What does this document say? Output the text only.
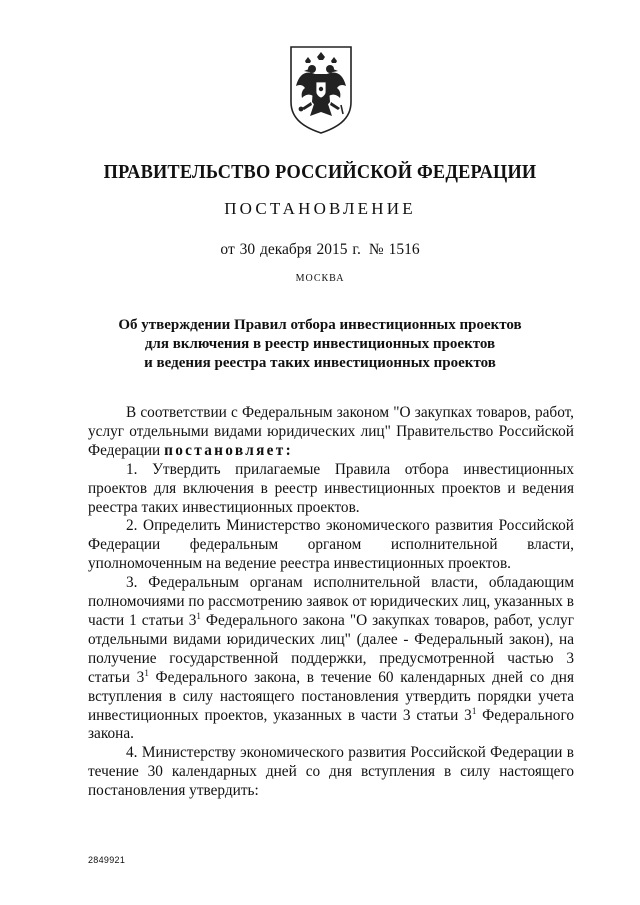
ПРАВИТЕЛЬСТВО РОССИЙСКОЙ ФЕДЕРАЦИИ
ПОСТАНОВЛЕНИЕ
от 30 декабря 2015 г. № 1516
МОСКВА
Об утверждении Правил отбора инвестиционных проектов
для включения в реестр инвестиционных проектов
и ведения реестра таких инвестиционных проектов

В соответствии с Федеральным законом "О закупках товаров, работ, услуг отдельными видами юридических лиц" Правительство Российской Федерации постановляет:

1. Утвердить прилагаемые Правила отбора инвестиционных проектов для включения в реестр инвестиционных проектов и ведения реестра таких инвестиционных проектов.

2. Определить Министерство экономического развития Российской Федерации федеральным органом исполнительной власти, уполномоченным на ведение реестра инвестиционных проектов.

3. Федеральным органам исполнительной власти, обладающим полномочиями по рассмотрению заявок от юридических лиц, указанных в части 1 статьи $3^1$ Федерального закона "О закупках товаров, работ, услуг отдельными видами юридических лиц" (далее - Федеральный закон), на получение государственной поддержки, предусмотренной частью 3 статьи $3^1$ Федерального закона, в течение 60 календарных дней со дня вступления в силу настоящего постановления утвердить порядки учета инвестиционных проектов, указанных в части 3 статьи $3^1$ Федерального закона.

4. Министерству экономического развития Российской Федерации в течение 30 календарных дней со дня вступления в силу настоящего постановления утвердить:

2849921
